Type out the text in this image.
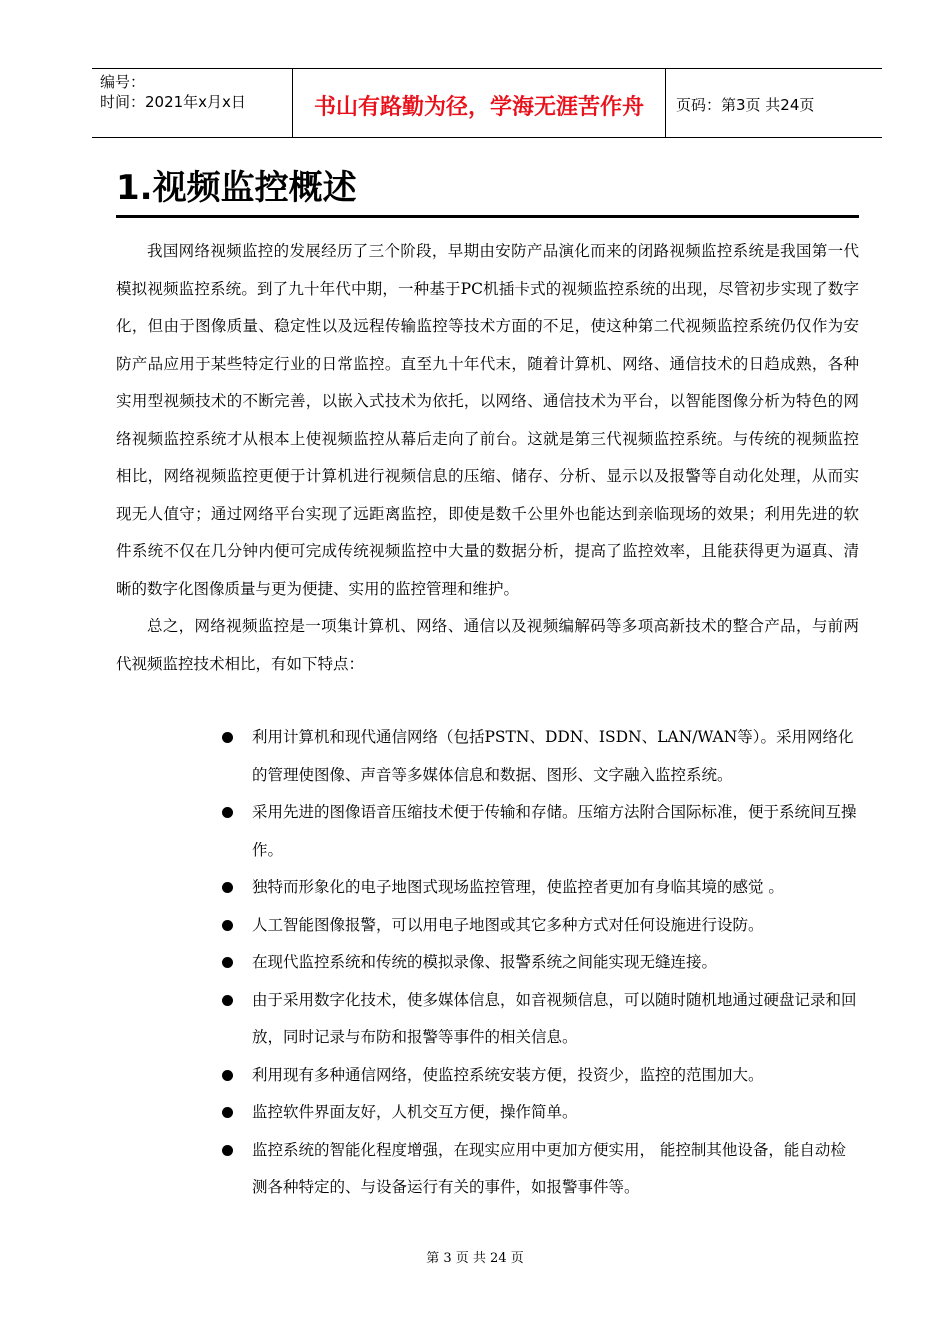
编号：
时间：2021年x月x日	书山有路勤为径，学海无涯苦作舟	页码：第3页 共24页
1.视频监控概述

我国网络视频监控的发展经历了三个阶段，早期由安防产品演化而来的闭路视频监控系统是我国第一代模拟视频监控系统。到了九十年代中期，一种基于PC机插卡式的视频监控系统的出现，尽管初步实现了数字化，但由于图像质量、稳定性以及远程传输监控等技术方面的不足，使这种第二代视频监控系统仍仅作为安防产品应用于某些特定行业的日常监控。直至九十年代末，随着计算机、网络、通信技术的日趋成熟，各种实用型视频技术的不断完善，以嵌入式技术为依托，以网络、通信技术为平台，以智能图像分析为特色的网络视频监控系统才从根本上使视频监控从幕后走向了前台。这就是第三代视频监控系统。与传统的视频监控相比，网络视频监控更便于计算机进行视频信息的压缩、储存、分析、显示以及报警等自动化处理，从而实现无人值守；通过网络平台实现了远距离监控，即使是数千公里外也能达到亲临现场的效果；利用先进的软件系统不仅在几分钟内便可完成传统视频监控中大量的数据分析，提高了监控效率，且能获得更为逼真、清晰的数字化图像质量与更为便捷、实用的监控管理和维护。

总之，网络视频监控是一项集计算机、网络、通信以及视频编解码等多项高新技术的整合产品，与前两代视频监控技术相比，有如下特点：

利用计算机和现代通信网络（包括PSTN、DDN、ISDN、LAN/WAN等）。采用网络化的管理使图像、声音等多媒体信息和数据、图形、文字融入监控系统。
采用先进的图像语音压缩技术便于传输和存储。压缩方法附合国际标准，便于系统间互操作。
独特而形象化的电子地图式现场监控管理，使监控者更加有身临其境的感觉 。
人工智能图像报警，可以用电子地图或其它多种方式对任何设施进行设防。
在现代监控系统和传统的模拟录像、报警系统之间能实现无缝连接。
由于采用数字化技术，使多媒体信息，如音视频信息，可以随时随机地通过硬盘记录和回放，同时记录与布防和报警等事件的相关信息。
利用现有多种通信网络，使监控系统安装方便，投资少，监控的范围加大。
监控软件界面友好，人机交互方便，操作简单。
监控系统的智能化程度增强，在现实应用中更加方便实用， 能控制其他设备，能自动检测各种特定的、与设备运行有关的事件，如报警事件等。
第 3 页 共 24 页
